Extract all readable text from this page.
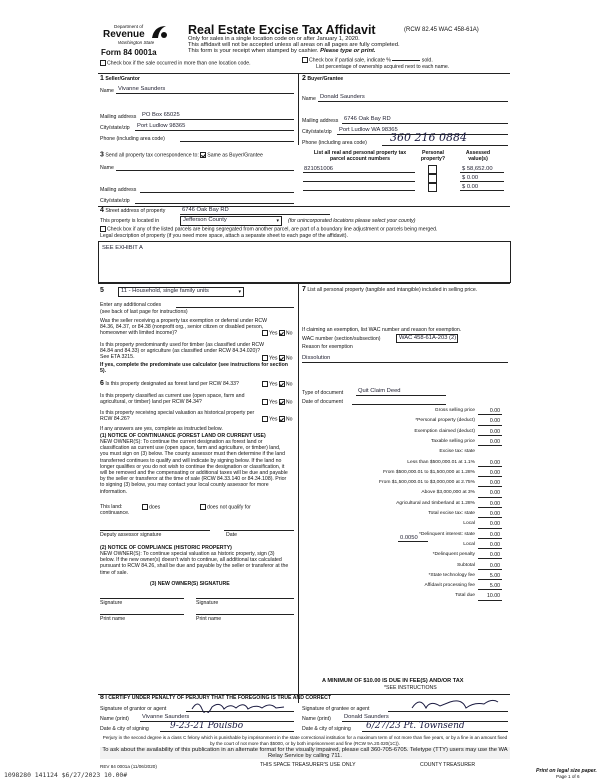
Department of
Revenue
Washington State
Form 84 0001a
Real Estate Excise Tax Affidavit	(RCW 82.45 WAC 458-61A)
Only for sales in a single location code on or after January 1, 2020.
This affidavit will not be accepted unless all areas on all pages are fully completed.
This form is your receipt when stamped by cashier. Please type or print.
Check box if the sale occurred in more than one location code.	Check box if partial sale, indicate %	sold.
List percentage of ownership acquired next to each name.
1 Seller/Grantor
Name Vivanne Saunders
Mailing address PO Box 65025
City/state/zip Port Ludlow 98365
Phone (including area code)
2 Buyer/Grantee
Name Donald Saunders
Mailing address 6746 Oak Bay RD
City/state/zip Port Ludlow WA 98365
Phone (including area code) 360 216 0884
3 Send all property tax correspondence to: Same as Buyer/Grantee
Name
Mailing address
City/state/zip
List all real and personal property tax parcel account numbers
Personal property?
Assessed value(s)
821051006	$ 58,652.00
$ 0.00
$ 0.00
4 Street address of property	6746 Oak Bay RD
This property is located in	Jefferson County	▾ (for unincorporated locations please select your county)
Check box if any of the listed parcels are being segregated from another parcel, are part of a boundary line adjustment or parcels being merged.
Legal description of property (if you need more space, attach a separate sheet to each page of the affidavit).
SEE EXHIBIT A
5	11 - Household, single family units	▾
Enter any additional codes
(see back of last page for instructions)
Was the seller receiving a property tax exemption or deferral under RCW 84.36, 84.37, or 84.38 (nonprofit org., senior citizen or disabled person, homeowner with limited income)?	Yes No
Is this property predominantly used for timber (as classified under RCW 84.84 and 84.33) or agriculture (as classified under RCW 84.34.020)? See ETA 3215.	Yes No
If yes, complete the predominate use calculator (see instructions for section 5).
6 Is this property designated as forest land per RCW 84.33?	Yes No
Is this property classified as current use (open space, farm and agricultural, or timber) land per RCW 84.34?	Yes No
Is this property receiving special valuation as historical property per RCW 84.26?	Yes No
If any answers are yes, complete as instructed below.
(1) NOTICE OF CONTINUANCE (FOREST LAND OR CURRENT USE)
NEW OWNER(S): To continue the current designation as forest land or classification as current use (open space, farm and agriculture, or timber) land, you must sign on (3) below. The county assessor must then determine if the land transferred continues to qualify and will indicate by signing below. If the land no longer qualifies or you do not wish to continue the designation or classification, it will be removed and the compensating or additional taxes will be due and payable by the seller or transferor at the time of sale (RCW 84.33.140 or 84.34.108). Prior to signing (3) below, you may contact your local county assessor for more information.
This land:	does	does not qualify for
continuance.
Deputy assessor signature	Date
(2) NOTICE OF COMPLIANCE (HISTORIC PROPERTY)
NEW OWNER(S): To continue special valuation as historic property, sign (3) below. If the new owner(s) doesn't wish to continue, all additional tax calculated pursuant to RCW 84.26, shall be due and payable by the seller or transferor at the time of sale.
(3) NEW OWNER(S) SIGNATURE
Signature	Signature
Print name	Print name
7 List all personal property (tangible and intangible) included in selling price.
If claiming an exemption, list WAC number and reason for exemption.
WAC number (section/subsection)	WAC 458-61A-203 (2)
Reason for exemption
Dissolution
Type of document	Quit Claim Deed
Date of document
Gross selling price	0.00
*Personal property (deduct)	0.00
Exemption claimed (deduct)	0.00
Taxable selling price	0.00
Excise tax: state
Less than $500,000.01 at 1.1%	0.00
From $500,000.01 to $1,500,000 at 1.28%	0.00
From $1,500,000.01 to $3,000,000 at 2.75%	0.00
Above $3,000,000 at 3%	0.00
Agricultural and timberland at 1.28%	0.00
Total excise tax: state	0.00
Local	0.00
*Delinquent interest: state	0.00
Local	0.00
*Delinquent penalty	0.00
Subtotal	0.00
*State technology fee	5.00
Affidavit processing fee	5.00
Total due	10.00
0.0050
A MINIMUM OF $10.00 IS DUE IN FEE(S) AND/OR TAX
*SEE INSTRUCTIONS
8 I CERTIFY UNDER PENALTY OF PERJURY THAT THE FOREGOING IS TRUE AND CORRECT
Signature of grantor or agent	Signature of grantee or agent
Name (print) Vivanne Saunders	Name (print) Donald Saunders
Date & city of signing 9-23-21 Poulsbo	Date & city of signing 6/27/23 Pt. Townsend
Perjury in the second degree is a class C felony which is punishable by imprisonment in the state correctional institution for a maximum term of not more than five years, or by a fine in an amount fixed by the court of not more than $5000, or by both imprisonment and fine (RCW 9A.20.020(1C)).
To ask about the availability of this publication in an alternate format for the visually impaired, please call 360-705-6705. Teletype (TTY) users may use the WA Relay Service by calling 711.
REV 84 0001a (11/06/2020)	THIS SPACE TREASURER'S USE ONLY	COUNTY TREASURER
1098280 141124 $6/27/2023 10.00#	Print on legal size paper.
Page 1 of 6
